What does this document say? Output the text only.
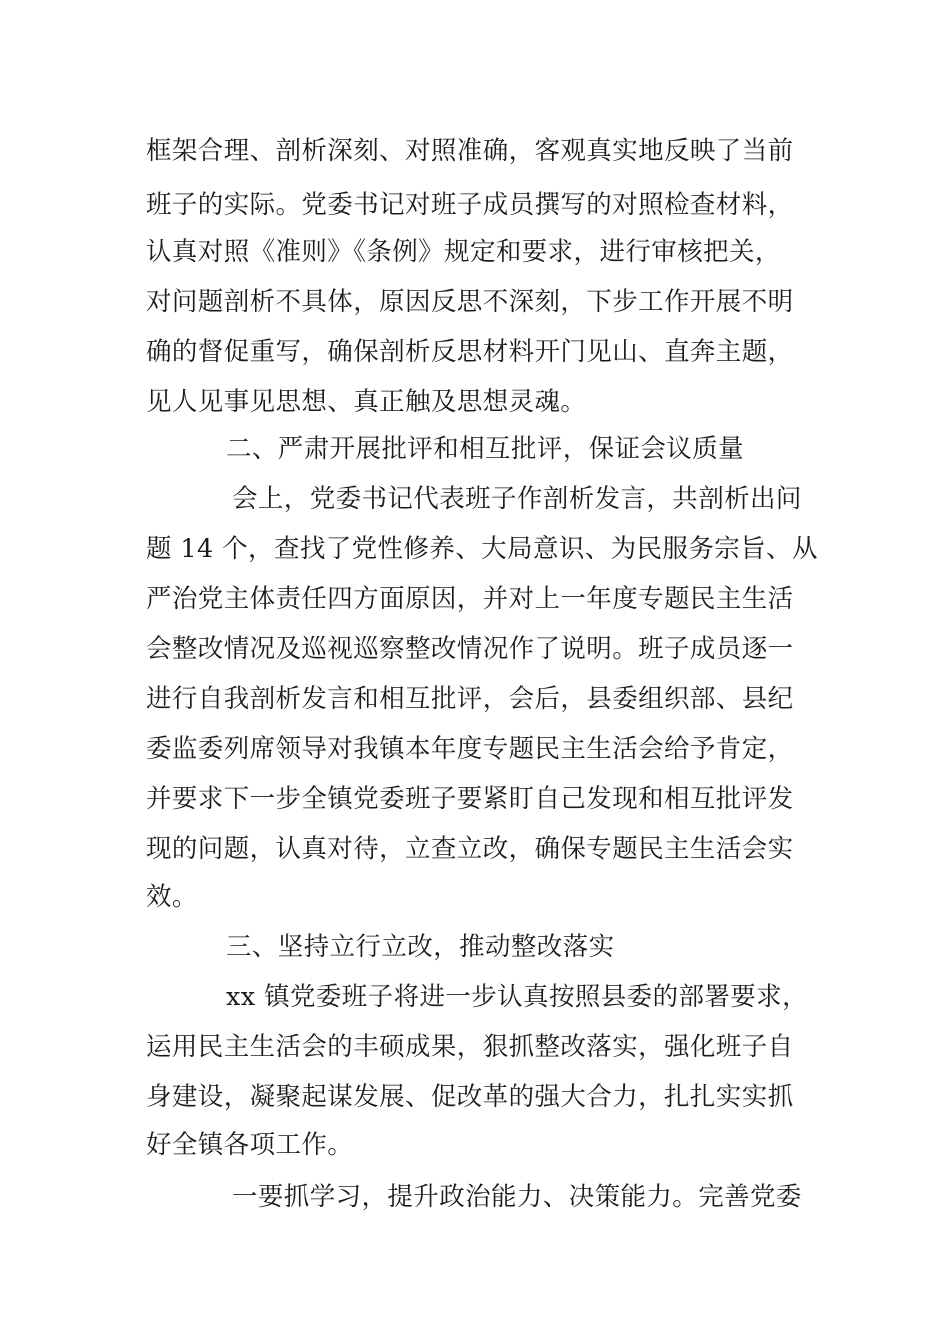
框架合理、剖析深刻、对照准确，客观真实地反映了当前
班子的实际。党委书记对班子成员撰写的对照检查材料，
认真对照《准则》《条例》规定和要求，进行审核把关，
对问题剖析不具体，原因反思不深刻，下步工作开展不明
确的督促重写，确保剖析反思材料开门见山、直奔主题，
见人见事见思想、真正触及思想灵魂。
二、严肃开展批评和相互批评，保证会议质量
会上，党委书记代表班子作剖析发言，共剖析出问
题 14 个，查找了党性修养、大局意识、为民服务宗旨、从
严治党主体责任四方面原因，并对上一年度专题民主生活
会整改情况及巡视巡察整改情况作了说明。班子成员逐一
进行自我剖析发言和相互批评，会后，县委组织部、县纪
委监委列席领导对我镇本年度专题民主生活会给予肯定，
并要求下一步全镇党委班子要紧盯自己发现和相互批评发
现的问题，认真对待，立查立改，确保专题民主生活会实
效。
三、坚持立行立改，推动整改落实
xx 镇党委班子将进一步认真按照县委的部署要求，
运用民主生活会的丰硕成果，狠抓整改落实，强化班子自
身建设，凝聚起谋发展、促改革的强大合力，扎扎实实抓
好全镇各项工作。
一要抓学习，提升政治能力、决策能力。完善党委
